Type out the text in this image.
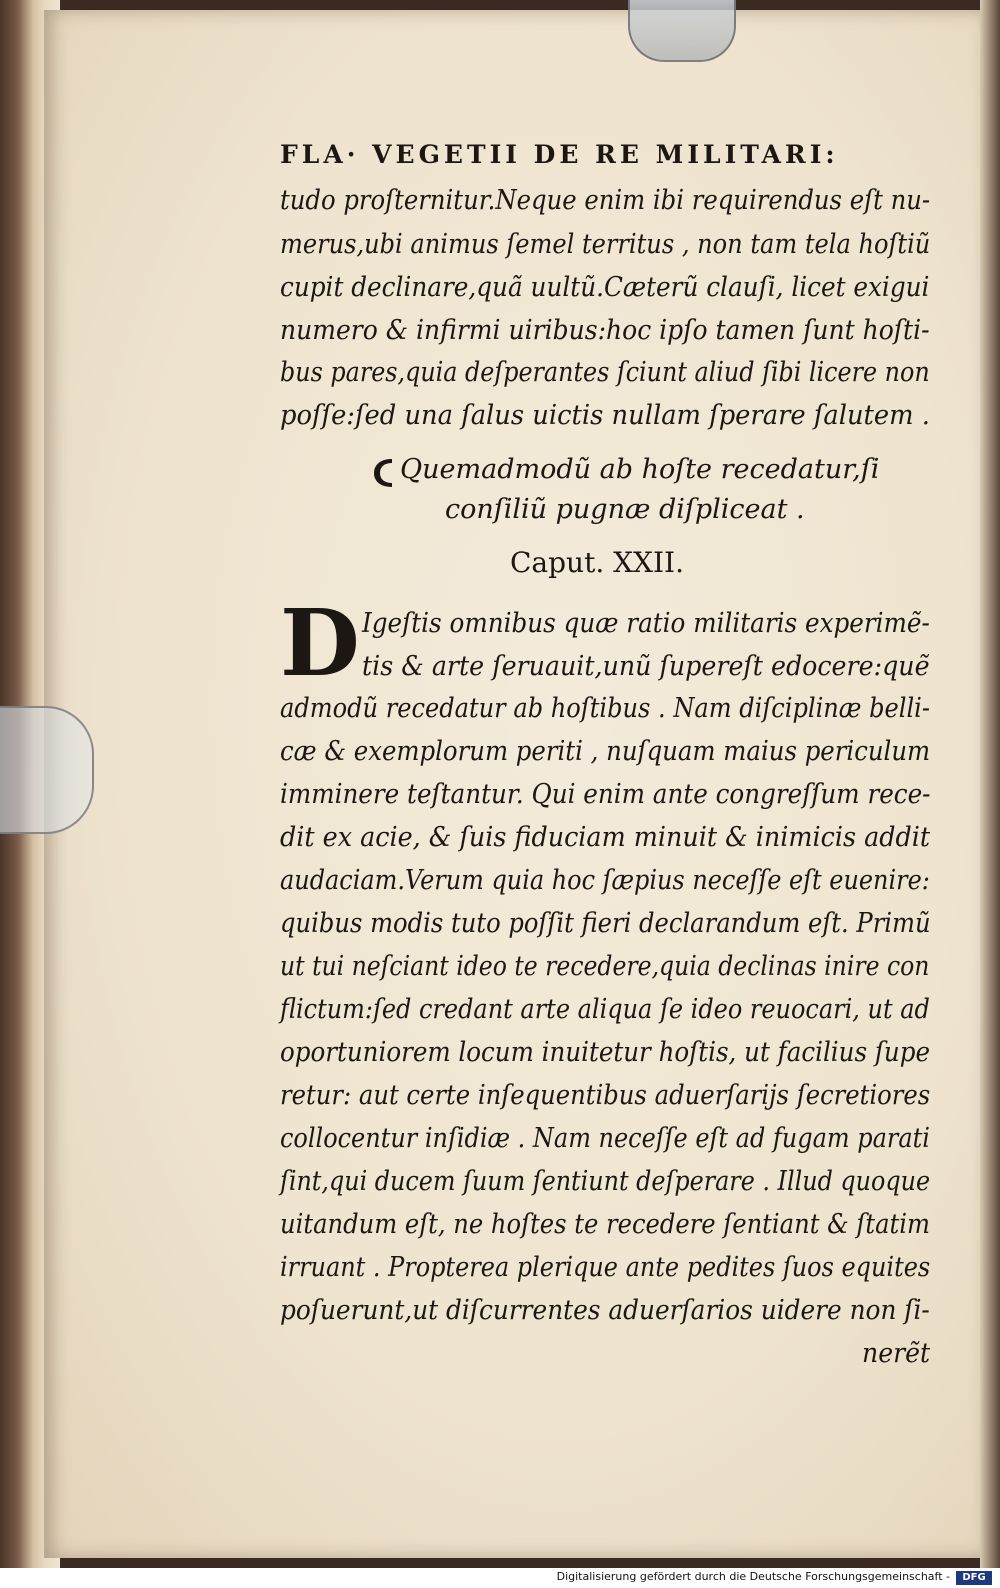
FLA· VEGETII DE RE MILITARI:

tudo proſternitur.Neque enim ibi requirendus eſt nu-

merus,ubi animus ſemel territus , non tam tela hoſtiũ

cupit declinare,quã uultũ.Cæterũ clauſi, licet exigui

numero & infirmi uiribus:hoc ipſo tamen ſunt hoſti-

bus pares,quia deſperantes ſciunt aliud ſibi licere non

poſſe:ſed una ſalus uictis nullam ſperare ſalutem .

Quemadmodũ ab hoſte recedatur,ſi

conſiliũ pugnæ diſpliceat .

Caput. XXII.

D Igeſtis omnibus quæ ratio militaris experimẽ-

tis & arte ſeruauit,unũ ſupereſt edocere:quẽ

admodũ recedatur ab hoſtibus . Nam diſciplinæ belli-

cæ & exemplorum periti , nuſquam maius periculum

imminere teſtantur. Qui enim ante congreſſum rece-

dit ex acie, & ſuis fiduciam minuit & inimicis addit

audaciam.Verum quia hoc ſæpius neceſſe eſt euenire:

quibus modis tuto poſſit fieri declarandum eſt. Primũ

ut tui neſciant ideo te recedere,quia declinas inire con

flictum:ſed credant arte aliqua ſe ideo reuocari, ut ad

oportuniorem locum inuitetur hoſtis, ut facilius ſupe

retur: aut certe inſequentibus aduerſarijs ſecretiores

collocentur inſidiæ . Nam neceſſe eſt ad fugam parati

ſint,qui ducem ſuum ſentiunt deſperare . Illud quoque

uitandum eſt, ne hoſtes te recedere ſentiant & ſtatim

irruant . Propterea plerique ante pedites ſuos equites

poſuerunt,ut diſcurrentes aduerſarios uidere non ſi-

nerẽt

Digitalisierung gefördert durch die Deutsche Forschungsgemeinschaft -	DFG
